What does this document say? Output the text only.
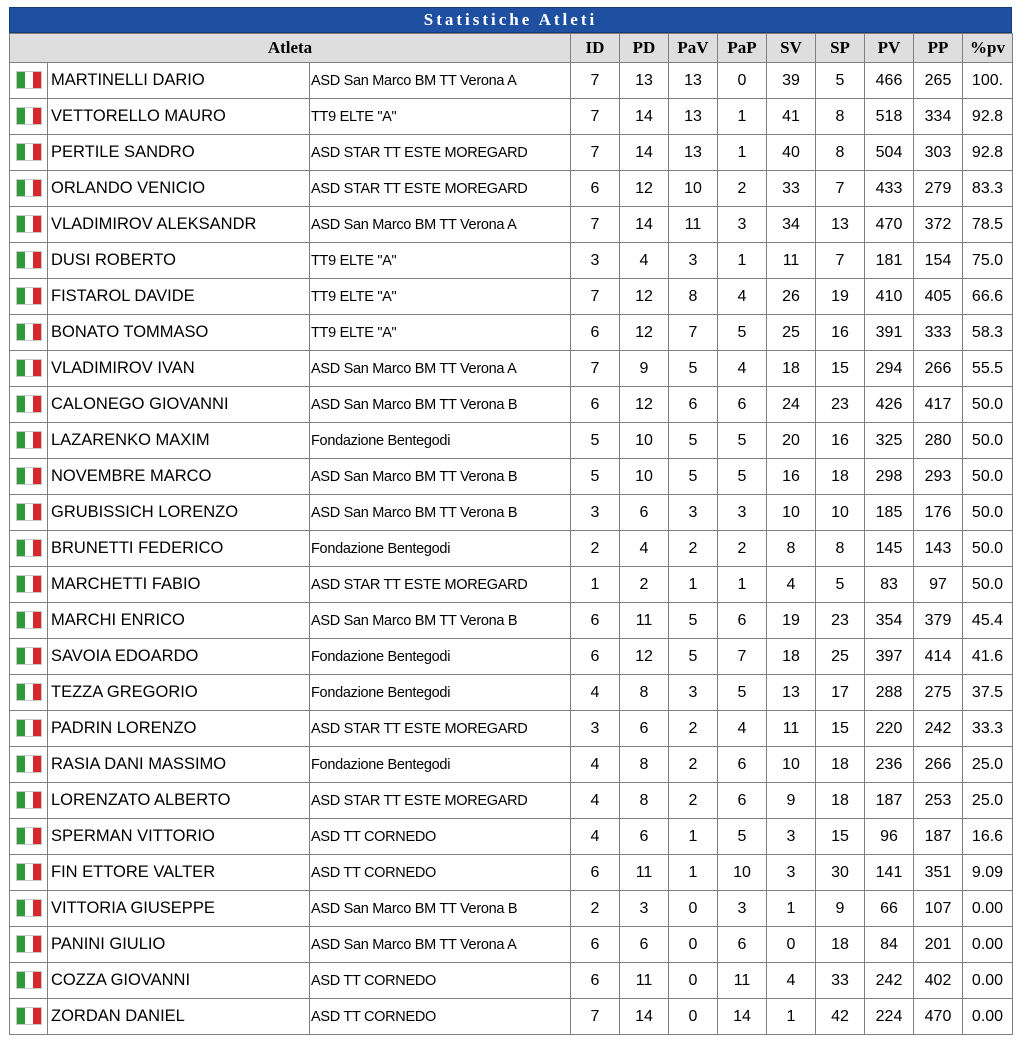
Statistiche Atleti
Atleta			ID	PD	PaV	PaP	SV	SP	PV	PP	%pv
	MARTINELLI DARIO	ASD San Marco BM TT Verona A	7	13	13	0	39	5	466	265	100.
	VETTORELLO MAURO	TT9 ELTE "A"	7	14	13	1	41	8	518	334	92.8
	PERTILE SANDRO	ASD STAR TT ESTE MOREGARD	7	14	13	1	40	8	504	303	92.8
	ORLANDO VENICIO	ASD STAR TT ESTE MOREGARD	6	12	10	2	33	7	433	279	83.3
	VLADIMIROV ALEKSANDR	ASD San Marco BM TT Verona A	7	14	11	3	34	13	470	372	78.5
	DUSI ROBERTO	TT9 ELTE "A"	3	4	3	1	11	7	181	154	75.0
	FISTAROL DAVIDE	TT9 ELTE "A"	7	12	8	4	26	19	410	405	66.6
	BONATO TOMMASO	TT9 ELTE "A"	6	12	7	5	25	16	391	333	58.3
	VLADIMIROV IVAN	ASD San Marco BM TT Verona A	7	9	5	4	18	15	294	266	55.5
	CALONEGO GIOVANNI	ASD San Marco BM TT Verona B	6	12	6	6	24	23	426	417	50.0
	LAZARENKO MAXIM	Fondazione Bentegodi	5	10	5	5	20	16	325	280	50.0
	NOVEMBRE MARCO	ASD San Marco BM TT Verona B	5	10	5	5	16	18	298	293	50.0
	GRUBISSICH LORENZO	ASD San Marco BM TT Verona B	3	6	3	3	10	10	185	176	50.0
	BRUNETTI FEDERICO	Fondazione Bentegodi	2	4	2	2	8	8	145	143	50.0
	MARCHETTI FABIO	ASD STAR TT ESTE MOREGARD	1	2	1	1	4	5	83	97	50.0
	MARCHI ENRICO	ASD San Marco BM TT Verona B	6	11	5	6	19	23	354	379	45.4
	SAVOIA EDOARDO	Fondazione Bentegodi	6	12	5	7	18	25	397	414	41.6
	TEZZA GREGORIO	Fondazione Bentegodi	4	8	3	5	13	17	288	275	37.5
	PADRIN LORENZO	ASD STAR TT ESTE MOREGARD	3	6	2	4	11	15	220	242	33.3
	RASIA DANI MASSIMO	Fondazione Bentegodi	4	8	2	6	10	18	236	266	25.0
	LORENZATO ALBERTO	ASD STAR TT ESTE MOREGARD	4	8	2	6	9	18	187	253	25.0
	SPERMAN VITTORIO	ASD TT CORNEDO	4	6	1	5	3	15	96	187	16.6
	FIN ETTORE VALTER	ASD TT CORNEDO	6	11	1	10	3	30	141	351	9.09
	VITTORIA GIUSEPPE	ASD San Marco BM TT Verona B	2	3	0	3	1	9	66	107	0.00
	PANINI GIULIO	ASD San Marco BM TT Verona A	6	6	0	6	0	18	84	201	0.00
	COZZA GIOVANNI	ASD TT CORNEDO	6	11	0	11	4	33	242	402	0.00
	ZORDAN DANIEL	ASD TT CORNEDO	7	14	0	14	1	42	224	470	0.00
